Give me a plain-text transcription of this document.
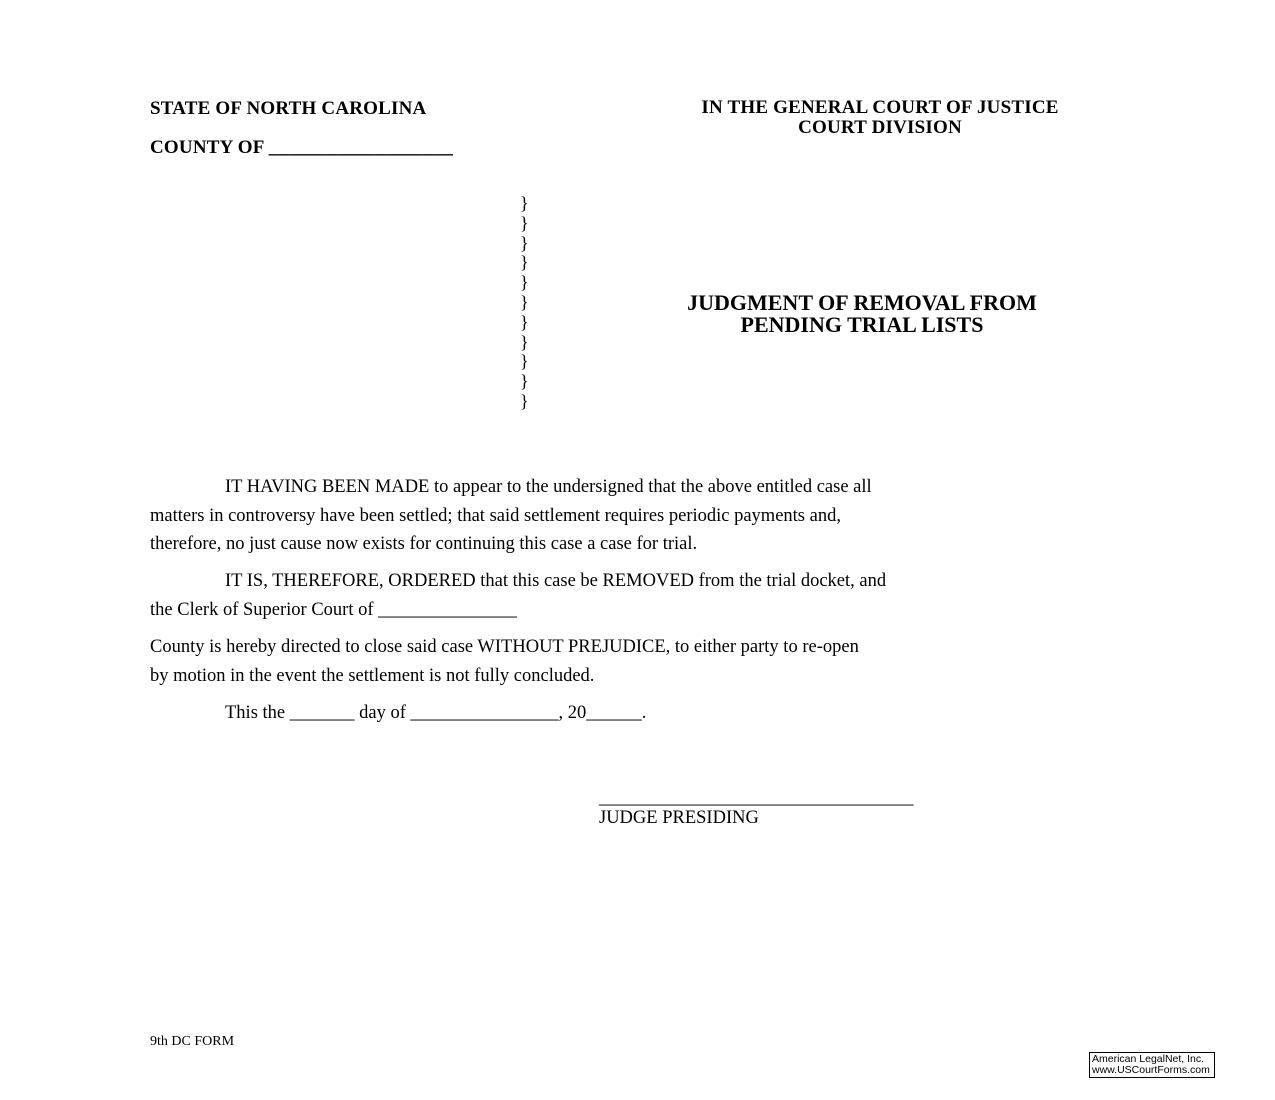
STATE OF NORTH CAROLINA
COUNTY OF ___________________
IN THE GENERAL COURT OF JUSTICE
COURT DIVISION
}
}
}
}
}
}
}
}
}
}
}
JUDGMENT OF REMOVAL FROM
PENDING TRIAL LISTS
IT HAVING BEEN MADE to appear to the undersigned that the above entitled case all
matters in controversy have been settled; that said settlement requires periodic payments and,
therefore, no just cause now exists for continuing this case a case for trial.
IT IS, THEREFORE, ORDERED that this case be REMOVED from the trial docket, and
the Clerk of Superior Court of _______________
County is hereby directed to close said case WITHOUT PREJUDICE, to either party to re-open
by motion in the event the settlement is not fully concluded.
This the _______ day of ________________, 20______.
__________________________________
JUDGE PRESIDING
9th DC FORM
American LegalNet, Inc.
www.USCourtForms.com
